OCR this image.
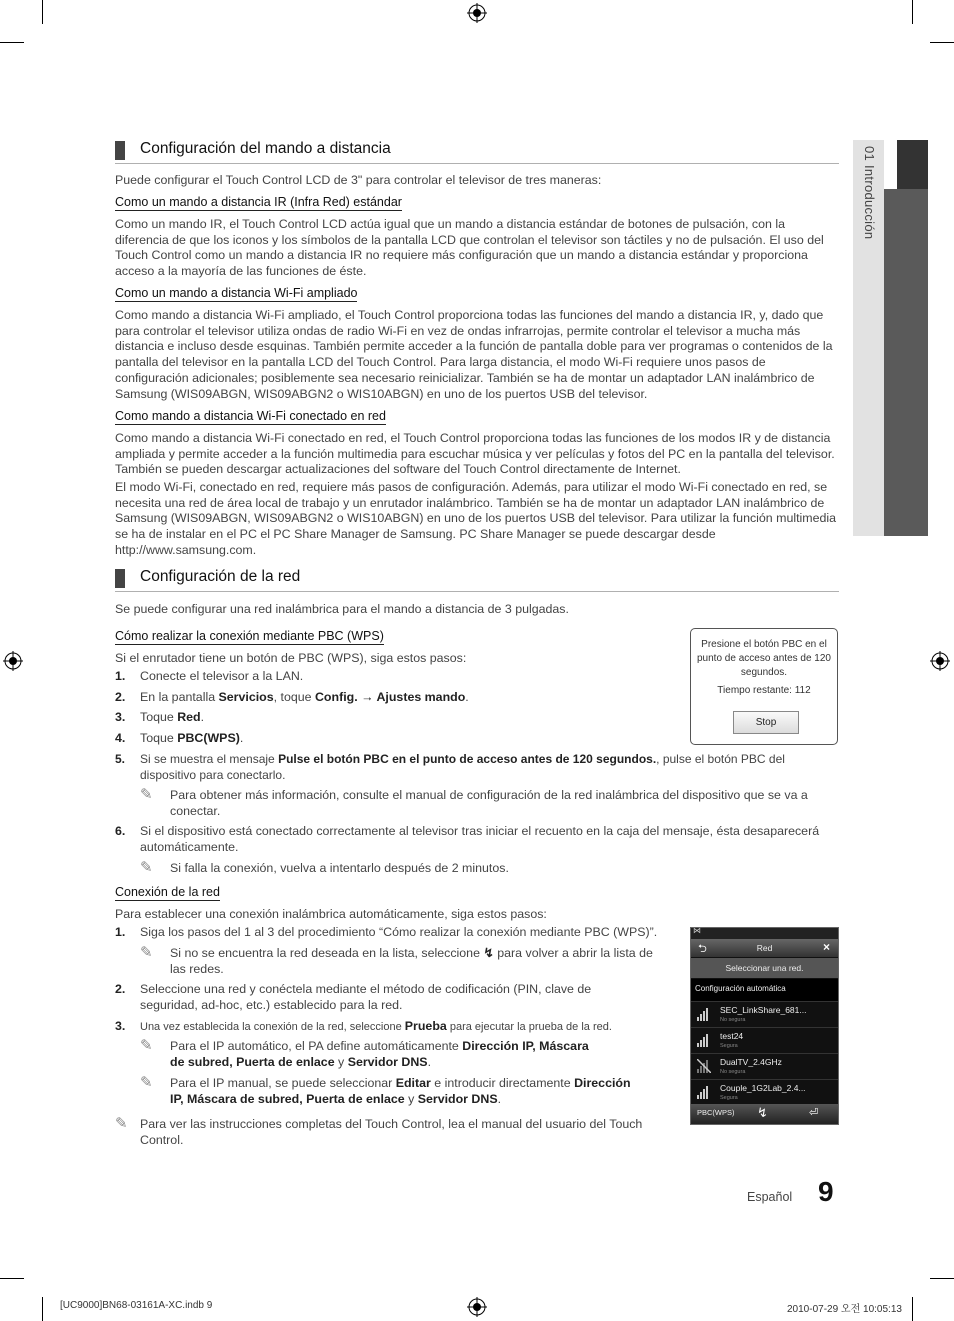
01 Introducción
Configuración del mando a distancia
Puede configurar el Touch Control LCD de 3" para controlar el televisor de tres maneras:
Como un mando a distancia IR (Infra Red) estándar
Como un mando IR, el Touch Control LCD actúa igual que un mando a distancia estándar de botones de pulsación, con la diferencia de que los iconos y los símbolos de la pantalla LCD que controlan el televisor son táctiles y no de pulsación. El uso del Touch Control como un mando a distancia IR no requiere más configuración que un mando a distancia estándar y proporciona acceso a la mayoría de las funciones de éste.
Como un mando a distancia Wi-Fi ampliado
Como mando a distancia Wi-Fi ampliado, el Touch Control proporciona todas las funciones del mando a distancia IR, y, dado que para controlar el televisor utiliza ondas de radio Wi-Fi en vez de ondas infrarrojas, permite controlar el televisor a mucha más distancia e incluso desde esquinas. También permite acceder a la función de pantalla doble para ver programas o contenidos de la pantalla del televisor en la pantalla LCD del Touch Control. Para larga distancia, el modo Wi-Fi requiere unos pasos de configuración adicionales; posiblemente sea necesario reinicializar. También se ha de montar un adaptador LAN inalámbrico de Samsung (WIS09ABGN, WIS09ABGN2 o WIS10ABGN) en uno de los puertos USB del televisor.
Como mando a distancia Wi-Fi conectado en red
Como mando a distancia Wi-Fi conectado en red, el Touch Control proporciona todas las funciones de los modos IR y de distancia ampliada y permite acceder a la función multimedia para escuchar música y ver películas y fotos del PC en la pantalla del televisor. También se pueden descargar actualizaciones del software del Touch Control directamente de Internet.
El modo Wi-Fi, conectado en red, requiere más pasos de configuración. Además, para utilizar el modo Wi-Fi conectado en red, se necesita una red de área local de trabajo y un enrutador inalámbrico. También se ha de montar un adaptador LAN inalámbrico de Samsung (WIS09ABGN, WIS09ABGN2 o WIS10ABGN) en uno de los puertos USB del televisor. Para utilizar la función multimedia se ha de instalar en el PC el PC Share Manager de Samsung. PC Share Manager se puede descargar desde http://www.samsung.com.
Configuración de la red
Se puede configurar una red inalámbrica para el mando a distancia de 3 pulgadas.
Cómo realizar la conexión mediante PBC (WPS)
Si el enrutador tiene un botón de PBC (WPS), siga estos pasos:
1. Conecte el televisor a la LAN.
2. En la pantalla Servicios, toque Config. → Ajustes mando.
3. Toque Red.
4. Toque PBC(WPS).
5. Si se muestra el mensaje Pulse el botón PBC en el punto de acceso antes de 120 segundos., pulse el botón PBC del dispositivo para conectarlo.
✎ Para obtener más información, consulte el manual de configuración de la red inalámbrica del dispositivo que se va a conectar.
6. Si el dispositivo está conectado correctamente al televisor tras iniciar el recuento en la caja del mensaje, ésta desaparecerá automáticamente.
✎ Si falla la conexión, vuelva a intentarlo después de 2 minutos.
Conexión de la red
Para establecer una conexión inalámbrica automáticamente, siga estos pasos:
1. Siga los pasos del 1 al 3 del procedimiento “Cómo realizar la conexión mediante PBC (WPS)”.
✎ Si no se encuentra la red deseada en la lista, seleccione ↯ para volver a abrir la lista de las redes.
2. Seleccione una red y conéctela mediante el método de codificación (PIN, clave de seguridad, ad-hoc, etc.) establecido para la red.
3. Una vez establecida la conexión de la red, seleccione Prueba para ejecutar la prueba de la red.
✎ Para el IP automático, el PA define automáticamente Dirección IP, Máscara de subred, Puerta de enlace y Servidor DNS.
✎ Para el IP manual, se puede seleccionar Editar e introducir directamente Dirección IP, Máscara de subred, Puerta de enlace y Servidor DNS.
✎ Para ver las instrucciones completas del Touch Control, lea el manual del usuario del Touch Control.
Presione el botón PBC en el punto de acceso antes de 120 segundos.
Tiempo restante: 112
Stop
⋈
⮌	Red	×
Seleccionar una red.
Configuración automática
SEC_LinkShare_681...
No segura
test24
Segura
DualTV_2.4GHz
No segura
Couple_1G2Lab_2.4...
Segura
PBC(WPS) ↯	⏎
Español 9
[UC9000]BN68-03161A-XC.indb 9	2010-07-29 오전 10:05:13
